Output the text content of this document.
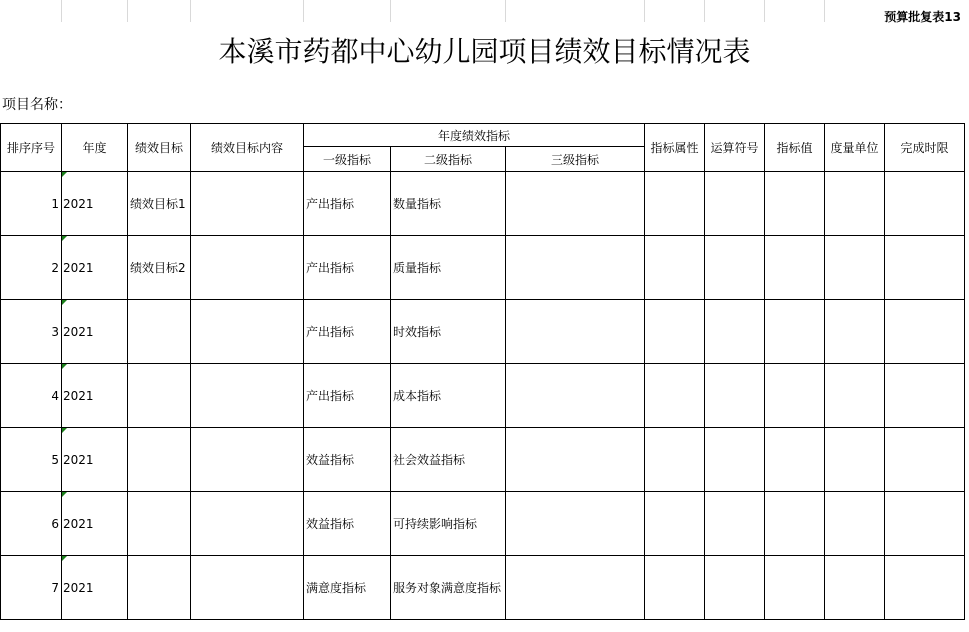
预算批复表13
本溪市药都中心幼儿园项目绩效目标情况表
项目名称：
排序序号	年度	绩效目标	绩效目标内容	年度绩效指标			指标属性	运算符号	指标值	度量单位	完成时限
				一级指标	二级指标	三级指标					
1	2021	绩效目标1		产出指标	数量指标						
2	2021	绩效目标2		产出指标	质量指标						
3	2021			产出指标	时效指标						
4	2021			产出指标	成本指标						
5	2021			效益指标	社会效益指标						
6	2021			效益指标	可持续影响指标						
7	2021			满意度指标	服务对象满意度指标						
